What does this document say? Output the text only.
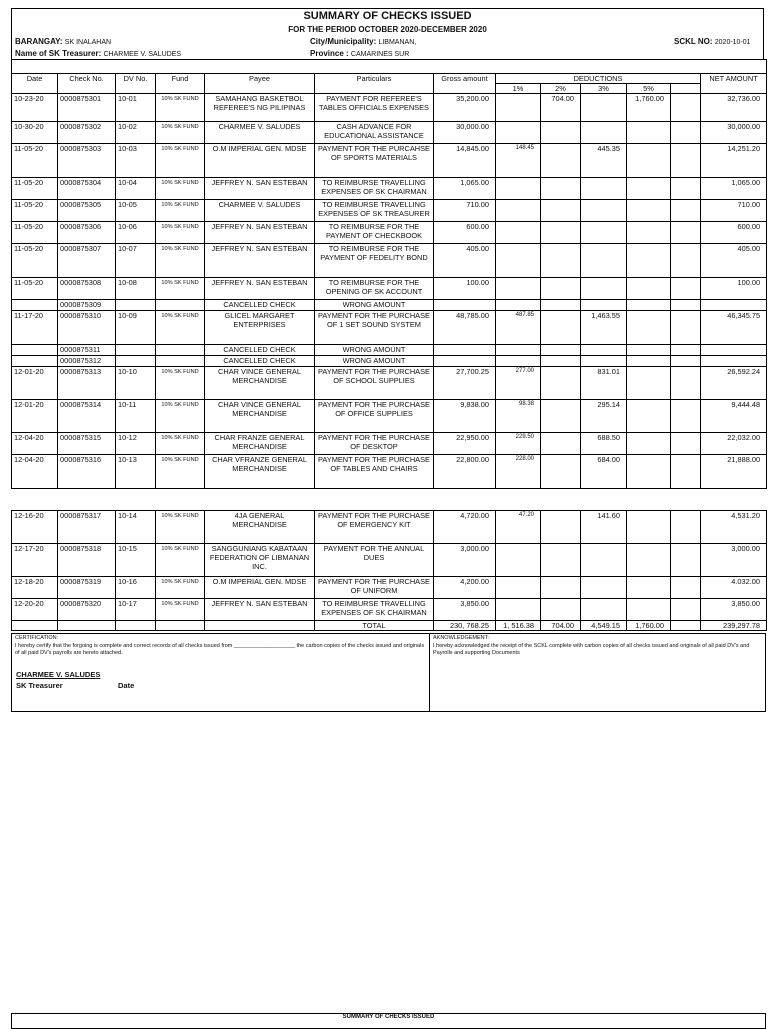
SUMMARY OF CHECKS ISSUED
FOR THE PERIOD OCTOBER 2020-DECEMBER 2020
BARANGAY: SK INALAHAN
Name of SK Treasurer: CHARMEE V. SALUDES
City/Municipality: LIBMANAN,
Province : CAMARINES SUR
SCKL NO: 2020-10-01

Date	Check No.	DV No.	Fund	Payee	Particulars	Gross amount	DEDUCTIONS					NET AMOUNT
							1%	2%	3%	5%		
10-23-20	0000875301	10-01	10% SK FUND	SAMAHANG BASKETBOL REFEREE'S NG PILIPINAS	PAYMENT FOR REFEREE'S TABLES OFFICIALS EXPENSES	35,200.00		704.00		1,760.00		32,736.00
10-30-20	0000875302	10-02	10% SK FUND	CHARMEE V. SALUDES	CASH ADVANCE FOR EDUCATIONAL ASSISTANCE	30,000.00						30,000.00
11-05-20	0000875303	10-03	10% SK FUND	O.M IMPERIAL GEN. MDSE	PAYMENT FOR THE PURCAHSE OF SPORTS MATERIALS	14,845.00	148.45		445.35			14,251.20
11-05-20	0000875304	10-04	10% SK FUND	JEFFREY N. SAN ESTEBAN	TO REIMBURSE TRAVELLING EXPENSES OF SK CHAIRMAN	1,065.00						1,065.00
11-05-20	0000875305	10-05	10% SK FUND	CHARMEE V. SALUDES	TO REIMBURSE TRAVELLING EXPENSES OF SK TREASURER	710.00						710.00
11-05-20	0000875306	10-06	10% SK FUND	JEFFREY N. SAN ESTEBAN	TO REIMBURSE FOR THE PAYMENT OF CHECKBOOK	600.00						600.00
11-05-20	0000875307	10-07	10% SK FUND	JEFFREY N. SAN ESTEBAN	TO REIMBURSE FOR THE PAYMENT OF FEDELITY BOND	405.00						405.00
11-05-20	0000875308	10-08	10% SK FUND	JEFFREY N. SAN ESTEBAN	TO REIMBURSE FOR THE OPENING OF SK ACCOUNT	100.00						100.00
	0000875309			CANCELLED CHECK	WRONG AMOUNT							
11-17-20	0000875310	10-09	10% SK FUND	GLICEL MARGARET ENTERPRISES	PAYMENT FOR THE PURCHASE OF 1 SET SOUND SYSTEM	48,785.00	487.85		1,463.55			46,345.75
	0000875311			CANCELLED CHECK	WRONG AMOUNT							
	0000875312			CANCELLED CHECK	WRONG AMOUNT							
12-01-20	0000875313	10-10	10% SK FUND	CHAR VINCE GENERAL MERCHANDISE	PAYMENT FOR THE PURCHASE OF SCHOOL SUPPLIES	27,700.25	277.00		831.01			26,592.24
12-01-20	0000875314	10-11	10% SK FUND	CHAR VINCE GENERAL MERCHANDISE	PAYMENT FOR THE PURCHASE OF OFFICE SUPPLIES	9,838.00	98.38		295.14			9,444.48
12-04-20	0000875315	10-12	10% SK FUND	CHAR FRANZE GENERAL MERCHANDISE	PAYMENT FOR THE PURCHASE OF DESKTOP	22,950.00	229.50		688.50			22,032.00
12-04-20	0000875316	10-13	10% SK FUND	CHAR VFRANZE GENERAL MERCHANDISE	PAYMENT FOR THE PURCHASE OF TABLES AND CHAIRS	22,800.00	228.00		684.00			21,888.00
12-16-20	0000875317	10-14	10% SK FUND	4JA GENERAL MERCHANDISE	PAYMENT FOR THE PURCHASE OF EMERGENCY KIT	4,720.00	47.20		141.60			4,531.20
12-17-20	0000875318	10-15	10% SK FUND	SANGGUNIANG KABATAAN FEDERATION OF LIBMANAN INC.	PAYMENT FOR THE ANNUAL DUES	3,000.00						3,000.00
12-18-20	0000875319	10-16	10% SK FUND	O.M IMPERIAL GEN. MDSE	PAYMENT FOR THE PURCHASE OF UNIFORM	4,200.00						4.032.00
12-20-20	0000875320	10-17	10% SK FUND	JEFFREY N. SAN ESTEBAN	TO REIMBURSE TRAVELLING EXPENSES OF SK CHAIRMAN	3,850.00						3,850.00
					TOTAL	230, 768.25	1, 516.38	704.00	4,549.15	1,760.00		239,297.78
CERTIFICATION:
I hereby certify that the forgoing is complete and correct records of all checks issued from ____________________ the carbon copies of the checks issued and originals of all paid DV's payrolls are hereto attached.
CHARMEE V. SALUDES
SK Treasurer	Date
AKNOWLEDGEMENT:
I hereby acknowledged the receipt of the SCKL complete with carbon copies of all checks issued and originals of all paid DV's and Payrolls and supporting Documents
SUMMARY OF CHECKS ISSUED
